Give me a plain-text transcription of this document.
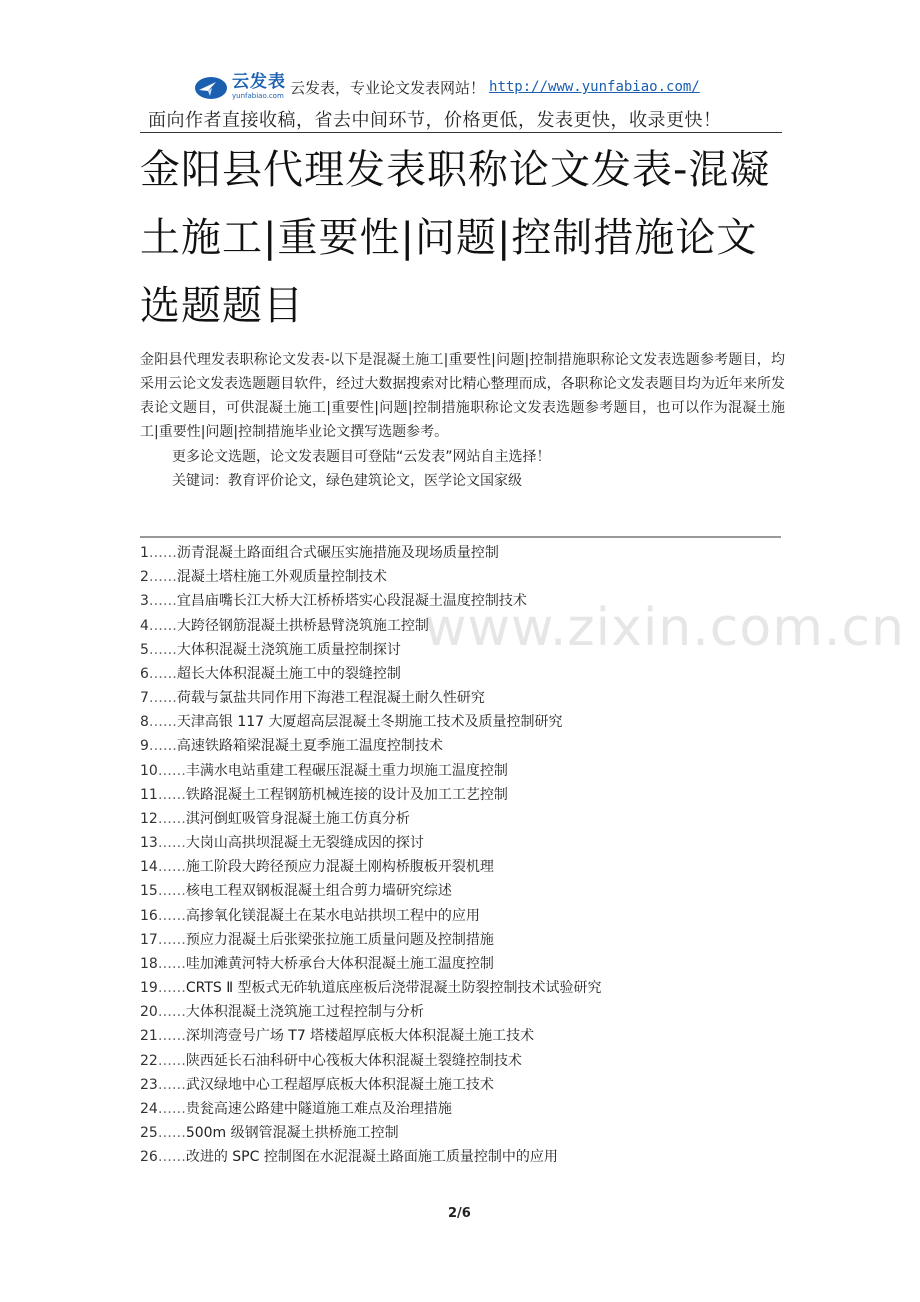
云发表
yunfabiao.com 云发表，专业论文发表网站！ http://www.yunfabiao.com/
面向作者直接收稿，省去中间环节，价格更低，发表更快，收录更快！
金阳县代理发表职称论文发表-混凝土施工|重要性|问题|控制措施论文选题题目

金阳县代理发表职称论文发表-以下是混凝土施工|重要性|问题|控制措施职称论文发表选题参考题目，均采用云论文发表选题题目软件，经过大数据搜索对比精心整理而成，各职称论文发表题目均为近年来所发表论文题目，可供混凝土施工|重要性|问题|控制措施职称论文发表选题参考题目，也可以作为混凝土施工|重要性|问题|控制措施毕业论文撰写选题参考。

更多论文选题，论文发表题目可登陆“云发表”网站自主选择！
关键词：教育评价论文，绿色建筑论文，医学论文国家级
www.zixin.com.cn
1……沥青混凝土路面组合式碾压实施措施及现场质量控制
2……混凝土塔柱施工外观质量控制技术
3……宜昌庙嘴长江大桥大江桥桥塔实心段混凝土温度控制技术
4……大跨径钢筋混凝土拱桥悬臂浇筑施工控制
5……大体积混凝土浇筑施工质量控制探讨
6……超长大体积混凝土施工中的裂缝控制
7……荷载与氯盐共同作用下海港工程混凝土耐久性研究
8……天津高银 117 大厦超高层混凝土冬期施工技术及质量控制研究
9……高速铁路箱梁混凝土夏季施工温度控制技术
10……丰满水电站重建工程碾压混凝土重力坝施工温度控制
11……铁路混凝土工程钢筋机械连接的设计及加工工艺控制
12……淇河倒虹吸管身混凝土施工仿真分析
13……大岗山高拱坝混凝土无裂缝成因的探讨
14……施工阶段大跨径预应力混凝土刚构桥腹板开裂机理
15……核电工程双钢板混凝土组合剪力墙研究综述
16……高掺氧化镁混凝土在某水电站拱坝工程中的应用
17……预应力混凝土后张梁张拉施工质量问题及控制措施
18……哇加滩黄河特大桥承台大体积混凝土施工温度控制
19……CRTS Ⅱ 型板式无砟轨道底座板后浇带混凝土防裂控制技术试验研究
20……大体积混凝土浇筑施工过程控制与分析
21……深圳湾壹号广场 T7 塔楼超厚底板大体积混凝土施工技术
22……陕西延长石油科研中心筏板大体积混凝土裂缝控制技术
23……武汉绿地中心工程超厚底板大体积混凝土施工技术
24……贵瓮高速公路建中隧道施工难点及治理措施
25……500m 级钢管混凝土拱桥施工控制
26……改进的 SPC 控制图在水泥混凝土路面施工质量控制中的应用
2/6
